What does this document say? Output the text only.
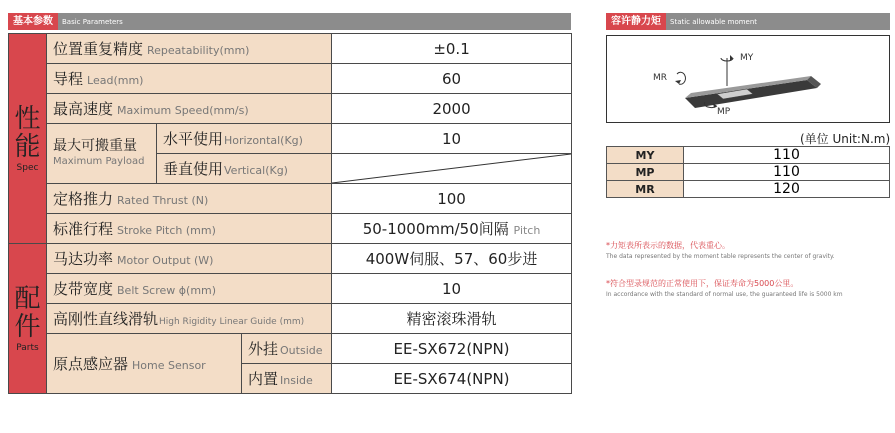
基本参数 Basic Parameters	容许静力矩 Static allowable moment
性
能
Spec	位置重复精度 Repeatability(mm)			±0.1
	导程 Lead(mm)			60
	最高速度 Maximum Speed(mm/s)			2000
	最大可搬重量
Maximum Payload	水平使用Horizontal(Kg)		10
		垂直使用Vertical(Kg)	

	定格推力 Rated Thrust (N)			100
	标准行程 Stroke Pitch (mm)			50-1000mm/50间隔 Pitch

配
件
Parts	马达功率 Motor Output (W)			400W伺服、57、60步进
	皮带宽度 Belt Screw ϕ(mm)			10
	高刚性直线滑轨High Rigidity Linear Guide (mm)			精密滚珠滑轨
	原点感应器 Home Sensor		外挂 Outside	EE-SX672(NPN)
			内置 Inside	EE-SX674(NPN)
MY
MR
MP
(单位 Unit:N.m)
MY	110
MP	110
MR	120
*力矩表所表示的数据，代表重心。
The data represented by the moment table represents the center of gravity.
*符合型录规范的正常使用下，保证寿命为5000公里。
In accordance with the standard of normal use, the guaranteed life is 5000 km
